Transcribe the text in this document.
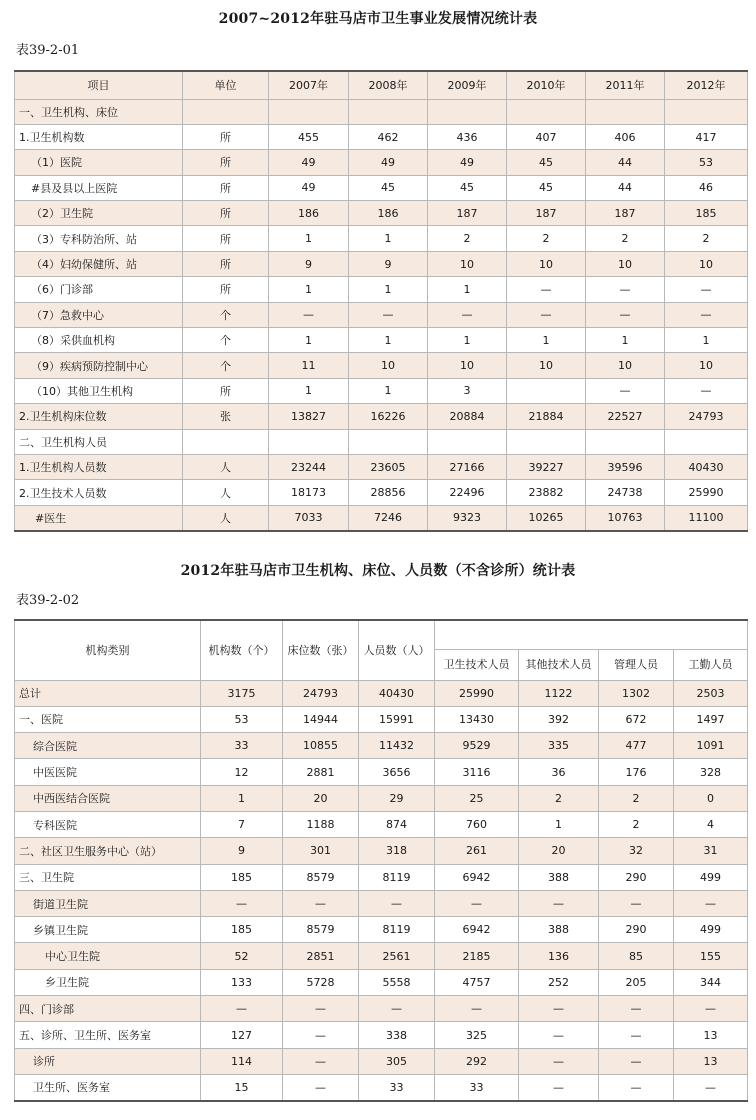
2007~2012年驻马店市卫生事业发展情况统计表
表39-2-01
项目	单位	2007年	2008年	2009年	2010年	2011年	2012年
一、卫生机构、床位							
1.卫生机构数	所	455	462	436	407	406	417
（1）医院	所	49	49	49	45	44	53
#县及县以上医院	所	49	45	45	45	44	46
（2）卫生院	所	186	186	187	187	187	185
（3）专科防治所、站	所	1	1	2	2	2	2
（4）妇幼保健所、站	所	9	9	10	10	10	10
（6）门诊部	所	1	1	1	—	—	—
（7）急救中心	个	—	—	—	—	—	—
（8）采供血机构	个	1	1	1	1	1	1
（9）疾病预防控制中心	个	11	10	10	10	10	10
（10）其他卫生机构	所	1	1	3		—	—
2.卫生机构床位数	张	13827	16226	20884	21884	22527	24793
二、卫生机构人员							
1.卫生机构人员数	人	23244	23605	27166	39227	39596	40430
2.卫生技术人员数	人	18173	28856	22496	23882	24738	25990
#医生	人	7033	7246	9323	10265	10763	11100
2012年驻马店市卫生机构、床位、人员数（不含诊所）统计表
表39-2-02
机构类别	机构数（个）	床位数（张）	人员数（人）				
				卫生技术人员	其他技术人员	管理人员	工勤人员
总计	3175	24793	40430	25990	1122	1302	2503
一、医院	53	14944	15991	13430	392	672	1497
综合医院	33	10855	11432	9529	335	477	1091
中医医院	12	2881	3656	3116	36	176	328
中西医结合医院	1	20	29	25	2	2	0
专科医院	7	1188	874	760	1	2	4
二、社区卫生服务中心（站）	9	301	318	261	20	32	31
三、卫生院	185	8579	8119	6942	388	290	499
街道卫生院	—	—	—	—	—	—	—
乡镇卫生院	185	8579	8119	6942	388	290	499
中心卫生院	52	2851	2561	2185	136	85	155
乡卫生院	133	5728	5558	4757	252	205	344
四、门诊部	—	—	—	—	—	—	—
五、诊所、卫生所、医务室	127	—	338	325	—	—	13
诊所	114	—	305	292	—	—	13
卫生所、医务室	15	—	33	33	—	—	—
